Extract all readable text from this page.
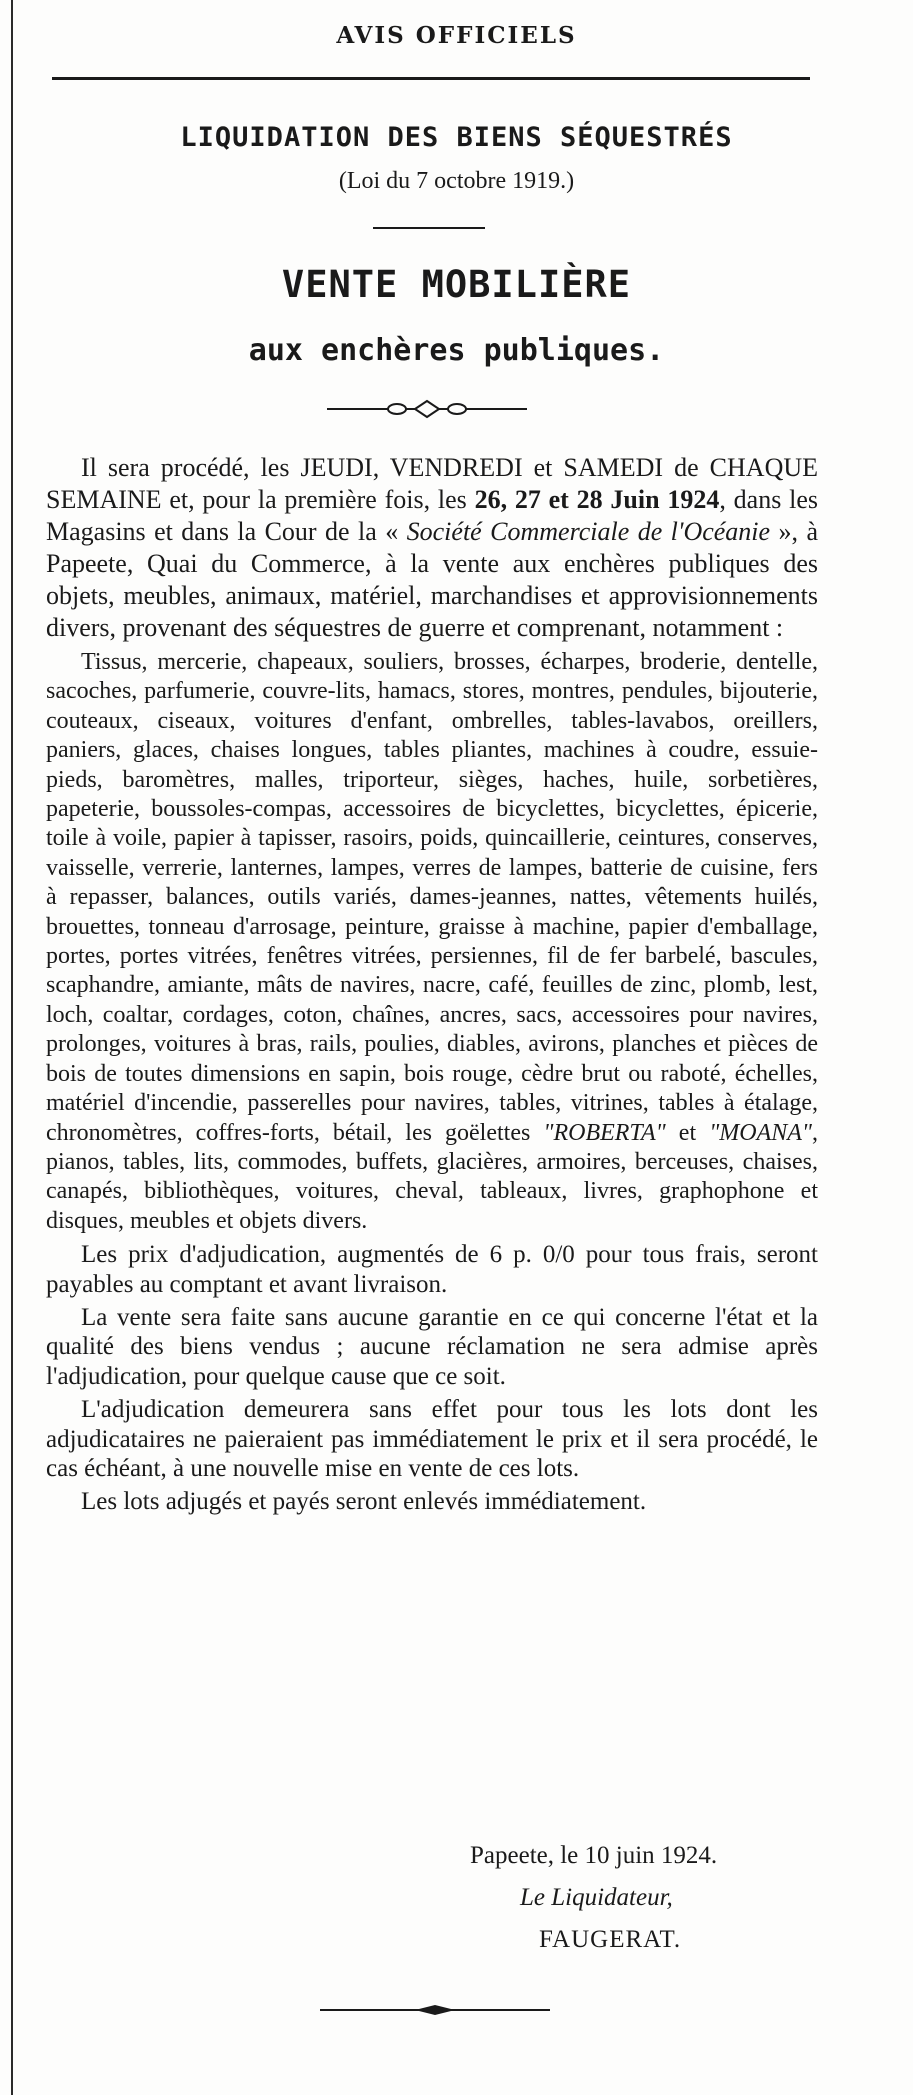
AVIS OFFICIELS
LIQUIDATION DES BIENS SÉQUESTRÉS
(Loi du 7 octobre 1919.)
VENTE MOBILIÈRE
aux enchères publiques.

Il sera procédé, les JEUDI, VENDREDI et SAMEDI de CHAQUE SEMAINE et, pour la première fois, les 26, 27 et 28 Juin 1924, dans les Magasins et dans la Cour de la « Société Commerciale de l'Océanie », à Papeete, Quai du Commerce, à la vente aux enchères publiques des objets, meubles, animaux, matériel, marchandises et approvisionnements divers, provenant des séquestres de guerre et comprenant, notamment :

Tissus, mercerie, chapeaux, souliers, brosses, écharpes, broderie, dentelle, sacoches, parfumerie, couvre-lits, hamacs, stores, montres, pendules, bijouterie, couteaux, ciseaux, voitures d'enfant, ombrelles, tables-lavabos, oreillers, paniers, glaces, chaises longues, tables pliantes, machines à coudre, essuie-pieds, baromètres, malles, triporteur, sièges, haches, huile, sorbetières, papeterie, boussoles-compas, accessoires de bicyclettes, bicyclettes, épicerie, toile à voile, papier à tapisser, rasoirs, poids, quincaillerie, ceintures, conserves, vaisselle, verrerie, lanternes, lampes, verres de lampes, batterie de cuisine, fers à repasser, balances, outils variés, dames-jeannes, nattes, vêtements huilés, brouettes, tonneau d'arrosage, peinture, graisse à machine, papier d'emballage, portes, portes vitrées, fenêtres vitrées, persiennes, fil de fer barbelé, bascules, scaphandre, amiante, mâts de navires, nacre, café, feuilles de zinc, plomb, lest, loch, coaltar, cordages, coton, chaînes, ancres, sacs, accessoires pour navires, prolonges, voitures à bras, rails, poulies, diables, avirons, planches et pièces de bois de toutes dimensions en sapin, bois rouge, cèdre brut ou raboté, échelles, matériel d'incendie, passerelles pour navires, tables, vitrines, tables à étalage, chronomètres, coffres-forts, bétail, les goëlettes "ROBERTA" et "MOANA", pianos, tables, lits, commodes, buffets, glacières, armoires, berceuses, chaises, canapés, bibliothèques, voitures, cheval, tableaux, livres, graphophone et disques, meubles et objets divers.

Les prix d'adjudication, augmentés de 6 p. 0/0 pour tous frais, seront payables au comptant et avant livraison.

La vente sera faite sans aucune garantie en ce qui concerne l'état et la qualité des biens vendus ; aucune réclamation ne sera admise après l'adjudication, pour quelque cause que ce soit.

L'adjudication demeurera sans effet pour tous les lots dont les adjudicataires ne paieraient pas immédiatement le prix et il sera procédé, le cas échéant, à une nouvelle mise en vente de ces lots.

Les lots adjugés et payés seront enlevés immédiatement.

Papeete, le 10 juin 1924.
Le Liquidateur,
FAUGERAT.
